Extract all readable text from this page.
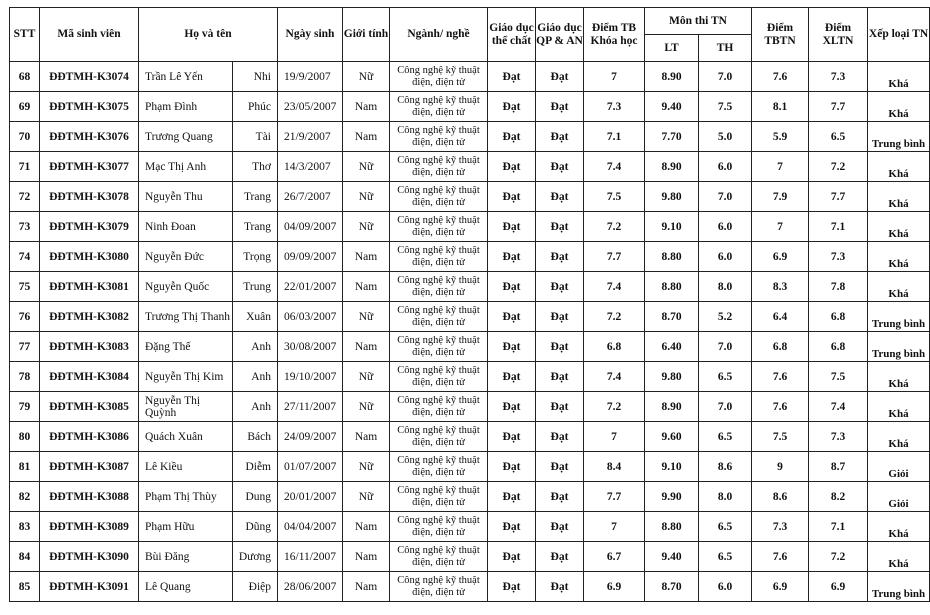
STT	Mã sinh viên	Họ và tên		Ngày sinh	Giới tính	Ngành/ nghề	Giáo dục thể chất	Giáo dục QP & AN	Điểm TB Khóa học	Môn thi TN		Điểm TBTN	Điểm XLTN	Xếp loại TN
										LT	TH			
68	ĐĐTMH-K3074	Trần Lê Yến	Nhi	19/9/2007	Nữ	Công nghệ kỹ thuật điện, điện tử	Đạt	Đạt	7	8.90	7.0	7.6	7.3	Khá
69	ĐĐTMH-K3075	Phạm Đình	Phúc	23/05/2007	Nam	Công nghệ kỹ thuật điện, điện tử	Đạt	Đạt	7.3	9.40	7.5	8.1	7.7	Khá
70	ĐĐTMH-K3076	Trương Quang	Tài	21/9/2007	Nam	Công nghệ kỹ thuật điện, điện tử	Đạt	Đạt	7.1	7.70	5.0	5.9	6.5	Trung bình
71	ĐĐTMH-K3077	Mạc Thị Anh	Thơ	14/3/2007	Nữ	Công nghệ kỹ thuật điện, điện tử	Đạt	Đạt	7.4	8.90	6.0	7	7.2	Khá
72	ĐĐTMH-K3078	Nguyễn Thu	Trang	26/7/2007	Nữ	Công nghệ kỹ thuật điện, điện tử	Đạt	Đạt	7.5	9.80	7.0	7.9	7.7	Khá
73	ĐĐTMH-K3079	Ninh Đoan	Trang	04/09/2007	Nữ	Công nghệ kỹ thuật điện, điện tử	Đạt	Đạt	7.2	9.10	6.0	7	7.1	Khá
74	ĐĐTMH-K3080	Nguyễn Đức	Trọng	09/09/2007	Nam	Công nghệ kỹ thuật điện, điện tử	Đạt	Đạt	7.7	8.80	6.0	6.9	7.3	Khá
75	ĐĐTMH-K3081	Nguyễn Quốc	Trung	22/01/2007	Nam	Công nghệ kỹ thuật điện, điện tử	Đạt	Đạt	7.4	8.80	8.0	8.3	7.8	Khá
76	ĐĐTMH-K3082	Trương Thị Thanh	Xuân	06/03/2007	Nữ	Công nghệ kỹ thuật điện, điện tử	Đạt	Đạt	7.2	8.70	5.2	6.4	6.8	Trung bình
77	ĐĐTMH-K3083	Đặng Thế	Anh	30/08/2007	Nam	Công nghệ kỹ thuật điện, điện tử	Đạt	Đạt	6.8	6.40	7.0	6.8	6.8	Trung bình
78	ĐĐTMH-K3084	Nguyễn Thị Kim	Anh	19/10/2007	Nữ	Công nghệ kỹ thuật điện, điện tử	Đạt	Đạt	7.4	9.80	6.5	7.6	7.5	Khá
79	ĐĐTMH-K3085	Nguyễn Thị Quỳnh	Anh	27/11/2007	Nữ	Công nghệ kỹ thuật điện, điện tử	Đạt	Đạt	7.2	8.90	7.0	7.6	7.4	Khá
80	ĐĐTMH-K3086	Quách Xuân	Bách	24/09/2007	Nam	Công nghệ kỹ thuật điện, điện tử	Đạt	Đạt	7	9.60	6.5	7.5	7.3	Khá
81	ĐĐTMH-K3087	Lê Kiều	Diễm	01/07/2007	Nữ	Công nghệ kỹ thuật điện, điện tử	Đạt	Đạt	8.4	9.10	8.6	9	8.7	Giỏi
82	ĐĐTMH-K3088	Phạm Thị Thùy	Dung	20/01/2007	Nữ	Công nghệ kỹ thuật điện, điện tử	Đạt	Đạt	7.7	9.90	8.0	8.6	8.2	Giỏi
83	ĐĐTMH-K3089	Phạm Hữu	Dũng	04/04/2007	Nam	Công nghệ kỹ thuật điện, điện tử	Đạt	Đạt	7	8.80	6.5	7.3	7.1	Khá
84	ĐĐTMH-K3090	Bùi Đăng	Dương	16/11/2007	Nam	Công nghệ kỹ thuật điện, điện tử	Đạt	Đạt	6.7	9.40	6.5	7.6	7.2	Khá
85	ĐĐTMH-K3091	Lê Quang	Điệp	28/06/2007	Nam	Công nghệ kỹ thuật điện, điện tử	Đạt	Đạt	6.9	8.70	6.0	6.9	6.9	Trung bình
